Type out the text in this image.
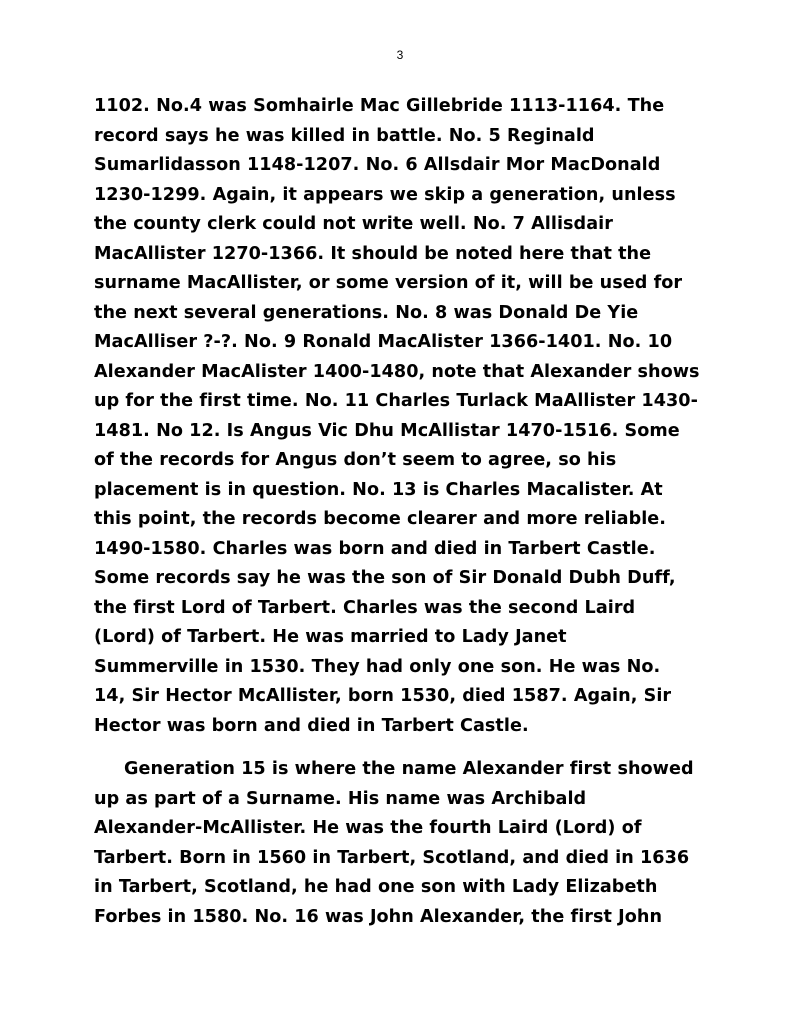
3
1102. No.4 was Somhairle Mac Gillebride 1113-1164. The
record says he was killed in battle. No. 5 Reginald
Sumarlidasson 1148-1207. No. 6 Allsdair Mor MacDonald
1230-1299. Again, it appears we skip a generation, unless
the county clerk could not write well. No. 7 Allisdair
MacAllister 1270-1366. It should be noted here that the
surname MacAllister, or some version of it, will be used for
the next several generations. No. 8 was Donald De Yie
MacAlliser ?-?. No. 9 Ronald MacAlister 1366-1401. No. 10
Alexander MacAlister 1400-1480, note that Alexander shows
up for the first time. No. 11 Charles Turlack MaAllister 1430-
1481. No 12. Is Angus Vic Dhu McAllistar 1470-1516. Some
of the records for Angus don’t seem to agree, so his
placement is in question. No. 13 is Charles Macalister. At
this point, the records become clearer and more reliable.
1490-1580. Charles was born and died in Tarbert Castle.
Some records say he was the son of Sir Donald Dubh Duff,
the first Lord of Tarbert. Charles was the second Laird
(Lord) of Tarbert. He was married to Lady Janet
Summerville in 1530. They had only one son. He was No.
14, Sir Hector McAllister, born 1530, died 1587. Again, Sir
Hector was born and died in Tarbert Castle.
Generation 15 is where the name Alexander first showed
up as part of a Surname. His name was Archibald
Alexander-McAllister. He was the fourth Laird (Lord) of
Tarbert. Born in 1560 in Tarbert, Scotland, and died in 1636
in Tarbert, Scotland, he had one son with Lady Elizabeth
Forbes in 1580. No. 16 was John Alexander, the first John
